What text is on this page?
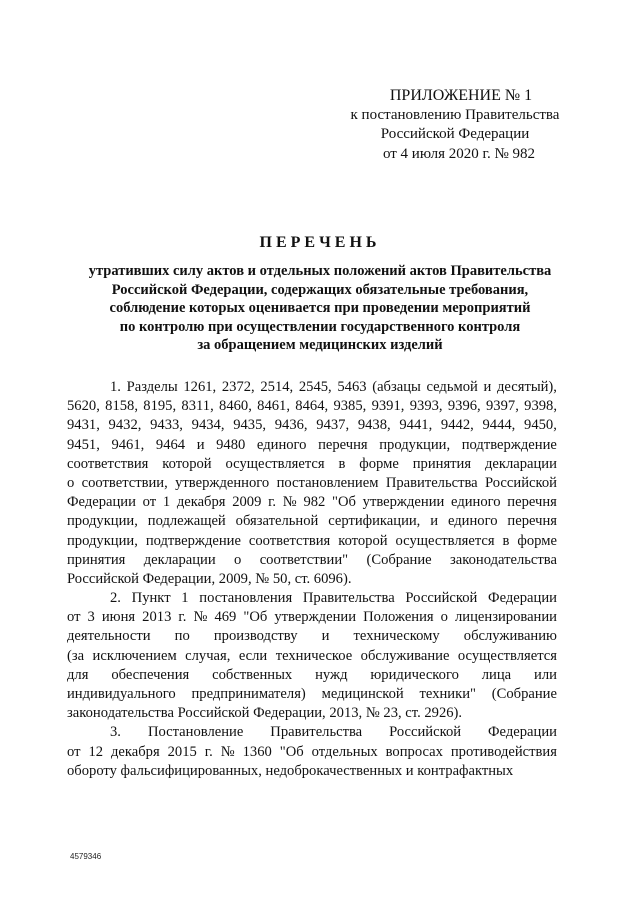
ПРИЛОЖЕНИЕ № 1
к постановлению Правительства
Российской Федерации
от 4 июля 2020 г. № 982
ПЕРЕЧЕНЬ
утративших силу актов и отдельных положений актов Правительства
Российской Федерации, содержащих обязательные требования,
соблюдение которых оценивается при проведении мероприятий
по контролю при осуществлении государственного контроля
за обращением медицинских изделий
1. Разделы 1261, 2372, 2514, 2545, 5463 (абзацы седьмой и десятый),
5620, 8158, 8195, 8311, 8460, 8461, 8464, 9385, 9391, 9393, 9396, 9397, 9398,
9431, 9432, 9433, 9434, 9435, 9436, 9437, 9438, 9441, 9442, 9444, 9450,
9451, 9461, 9464 и 9480 единого перечня продукции, подтверждение
соответствия которой осуществляется в форме принятия декларации
о соответствии, утвержденного постановлением Правительства Российской
Федерации от 1 декабря 2009 г. № 982 "Об утверждении единого перечня
продукции, подлежащей обязательной сертификации, и единого перечня
продукции, подтверждение соответствия которой осуществляется в форме
принятия декларации о соответствии" (Собрание законодательства
Российской Федерации, 2009, № 50, ст. 6096).
2. Пункт 1 постановления Правительства Российской Федерации
от 3 июня 2013 г. № 469 "Об утверждении Положения о лицензировании
деятельности по производству и техническому обслуживанию
(за исключением случая, если техническое обслуживание осуществляется
для обеспечения собственных нужд юридического лица или
индивидуального предпринимателя) медицинской техники" (Собрание
законодательства Российской Федерации, 2013, № 23, ст. 2926).
3. Постановление Правительства Российской Федерации
от 12 декабря 2015 г. № 1360 "Об отдельных вопросах противодействия
обороту фальсифицированных, недоброкачественных и контрафактных
4579346
